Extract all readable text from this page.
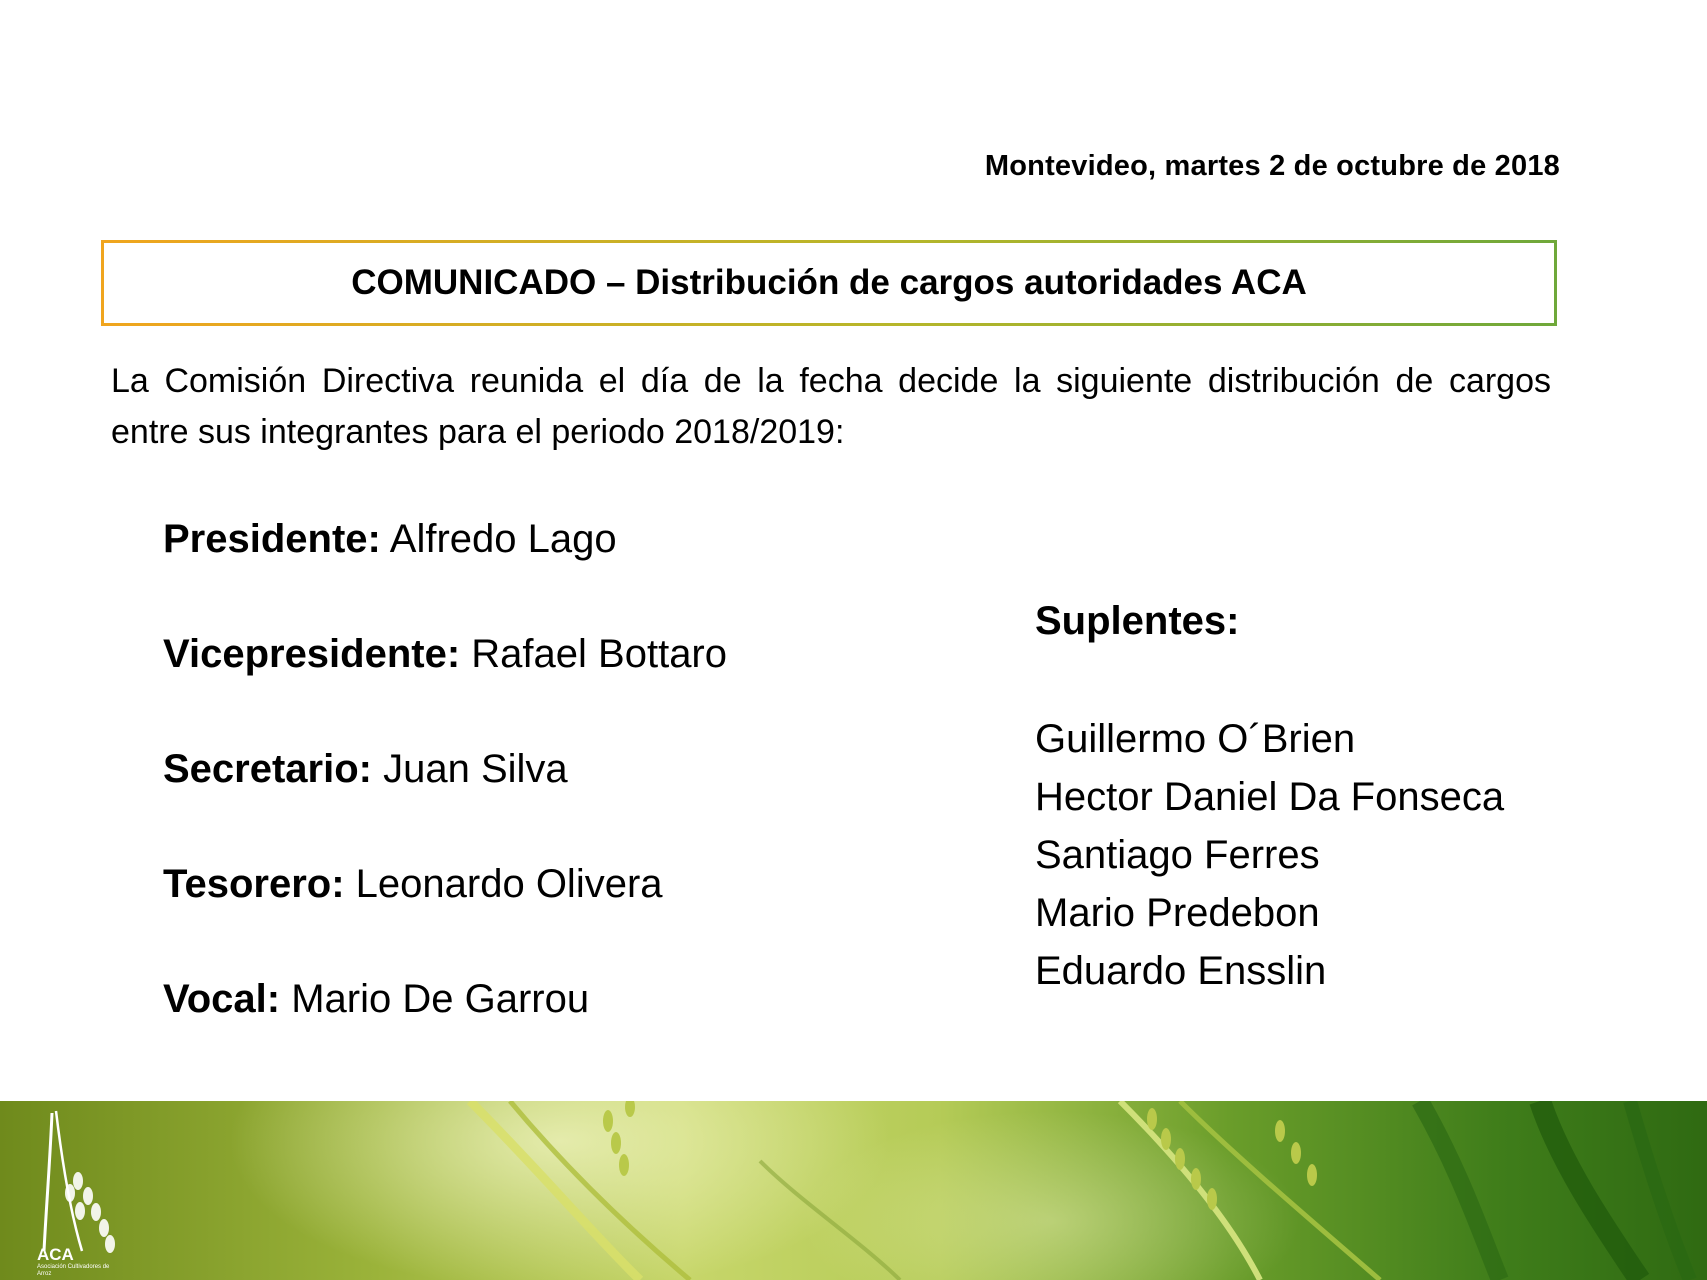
Montevideo, martes 2 de octubre de 2018
COMUNICADO – Distribución de cargos autoridades ACA
La Comisión Directiva reunida el día de la fecha decide la siguiente distribución de cargos entre sus integrantes para el periodo 2018/2019:
Presidente: Alfredo Lago
Vicepresidente: Rafael Bottaro
Secretario: Juan Silva
Tesorero: Leonardo Olivera
Vocal: Mario De Garrou
Suplentes:
Guillermo O´Brien
Hector Daniel Da Fonseca
Santiago Ferres
Mario Predebon
Eduardo Ensslin
ACA
Asociación Cultivadores de Arroz
